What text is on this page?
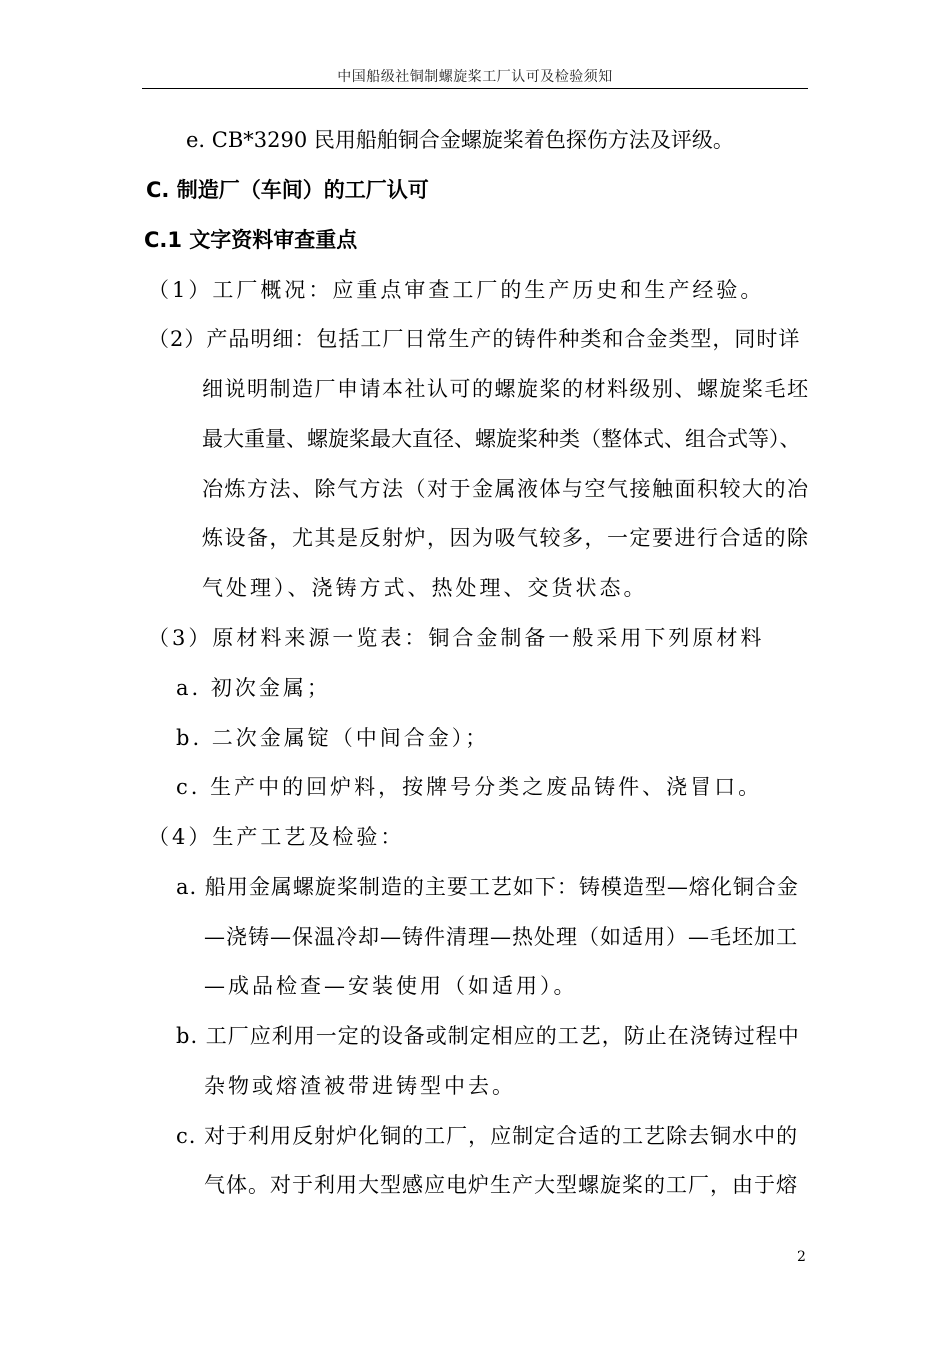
中国船级社铜制螺旋桨工厂认可及检验须知
e. CB*3290 民用船舶铜合金螺旋桨着色探伤方法及评级。
C. 制造厂（车间）的工厂认可
C.1 文字资料审查重点
（1）工厂概况：应重点审查工厂的生产历史和生产经验。
（2）产品明细：包括工厂日常生产的铸件种类和合金类型，同时详
细说明制造厂申请本社认可的螺旋桨的材料级别、螺旋桨毛坯
最大重量、螺旋桨最大直径、螺旋桨种类（整体式、组合式等）、
冶炼方法、除气方法（对于金属液体与空气接触面积较大的冶
炼设备，尤其是反射炉，因为吸气较多，一定要进行合适的除
气处理）、浇铸方式、热处理、交货状态。
（3）原材料来源一览表：铜合金制备一般采用下列原材料
a. 初次金属；
b. 二次金属锭（中间合金）；
c. 生产中的回炉料，按牌号分类之废品铸件、浇冒口。
（4）生产工艺及检验：
a. 船用金属螺旋桨制造的主要工艺如下：铸模造型—熔化铜合金
—浇铸—保温冷却—铸件清理—热处理（如适用）—毛坯加工
—成品检查—安装使用（如适用）。
b. 工厂应利用一定的设备或制定相应的工艺，防止在浇铸过程中
杂物或熔渣被带进铸型中去。
c. 对于利用反射炉化铜的工厂，应制定合适的工艺除去铜水中的
气体。对于利用大型感应电炉生产大型螺旋桨的工厂，由于熔
2
